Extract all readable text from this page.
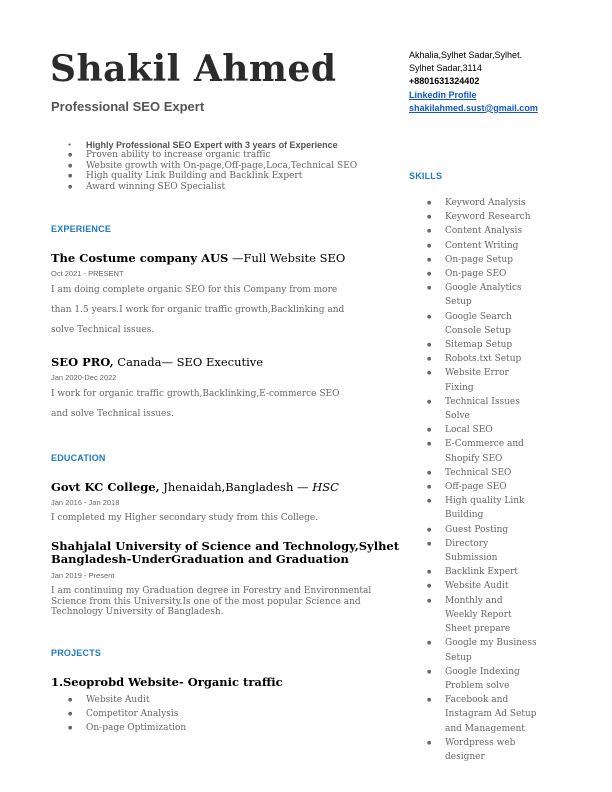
Shakil Ahmed
Professional SEO Expert
Akhalia,Sylhet Sadar,Sylhet.
Sylhet Sadar,3114
+8801631324402
Linkedin Profile
shakilahmed.sust@gmail.com
● Highly Professional SEO Expert with 3 years of Experience
● Proven ability to increase organic traffic
● Website growth with On-page,Off-page,Loca,Technical SEO
● High quality Link Building and Backlink Expert
● Award winning SEO Specialist
EXPERIENCE
The Costume company AUS —Full Website SEO
Oct 2021 - PRESENT
I am doing complete organic SEO for this Company from more
than 1.5 years.I work for organic traffic growth,Backlinking and
solve Technical issues.
SEO PRO, Canada— SEO Executive
Jan 2020-Dec 2022
I work for organic traffic growth,Backlinking,E-commerce SEO
and solve Technical issues.
EDUCATION
Govt KC College, Jhenaidah,Bangladesh — HSC
Jan 2016 - Jan 2018
I completed my Higher secondary study from this College.
Shahjalal University of Science and Technology,Sylhet
Bangladesh-UnderGraduation and Graduation
Jan 2019 - Present
I am continuing my Graduation degree in Forestry and Environmental
Science from this University.Is one of the most popular Science and
Technology University of Bangladesh.
PROJECTS
1.Seoprobd Website- Organic traffic
● Website Audit
● Competitor Analysis
● On-page Optimization
SKILLS
● Keyword Analysis
● Keyword Research
● Content Analysis
● Content Writing
● On-page Setup
● On-page SEO
● Google Analytics Setup
● Google Search Console Setup
● Sitemap Setup
● Robots.txt Setup
● Website Error Fixing
● Technical Issues Solve
● Local SEO
● E-Commerce and Shopify SEO
● Technical SEO
● Off-page SEO
● High quality Link Building
● Guest Posting
● Directory Submission
● Backlink Expert
● Website Audit
● Monthly and Weekly Report Sheet prepare
● Google my Business Setup
● Google Indexing Problem solve
● Facebook and Instagram Ad Setup and Management
● Wordpress web designer
